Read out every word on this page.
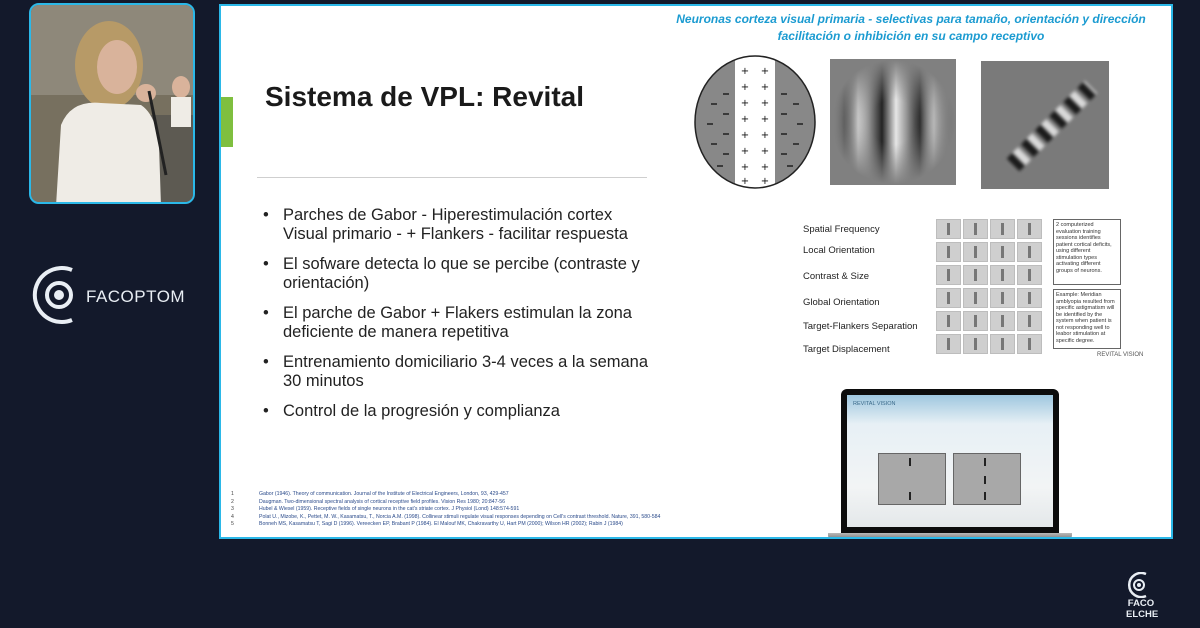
FACOPTOM
Neuronas corteza visual primaria - selectivas para tamaño, orientación y dirección
facilitación o inhibición en su campo receptivo
Sistema de VPL: Revital
• Parches de Gabor - Hiperestimulación cortex Visual primario - + Flankers - facilitar respuesta
• El sofware detecta lo que se percibe (contraste y orientación)
• El parche de Gabor + Flakers estimulan la zona deficiente de manera repetitiva
• Entrenamiento domiciliario 3-4 veces a la semana 30 minutos
• Control de la progresión y complianza
1	Gabor (1946). Theory of communication. Journal of the Institute of Electrical Engineers, London, 93, 429-457
2	Daugman. Two-dimensional spectral analysis of cortical receptive field profiles. Vision Res 1980; 20:847-56
3	Hubel & Wiesel (1959). Receptive fields of single neurons in the cat's striate cortex. J Physiol (Lond) 148:574-591
4	Polat U., Mizobe, K., Pettet, M. W., Kasamatsu, T., Norcia A.M. (1998). Collinear stimuli regulate visual responses depending on Cell's contrast threshold. Nature, 391, 580-584
5	Bonneh MS, Kasamatsu T, Sagi D (1996). Vereecken EP, Brabant P (1984). El Malouf MK, Chakravarthy U, Hart PM (2000); Wilson HR (2002); Rabin J (1984)
+ +
+ +
+ +
+ +
+ +
+ +
+ +
+ +
Spatial Frequency
Local Orientation
Contrast & Size
Global Orientation
Target-Flankers Separation
Target Displacement
2 computerized evaluation training sessions identifies patient cortical deficits, using different stimulation types activating different groups of neurons.
Example: Meridian amblyopia resulted from specific astigmatism will be identified by the system when patient is not responding well to leabor stimulation at specific degree.
REVITAL VISION
REVITAL VISION
FACO
ELCHE
